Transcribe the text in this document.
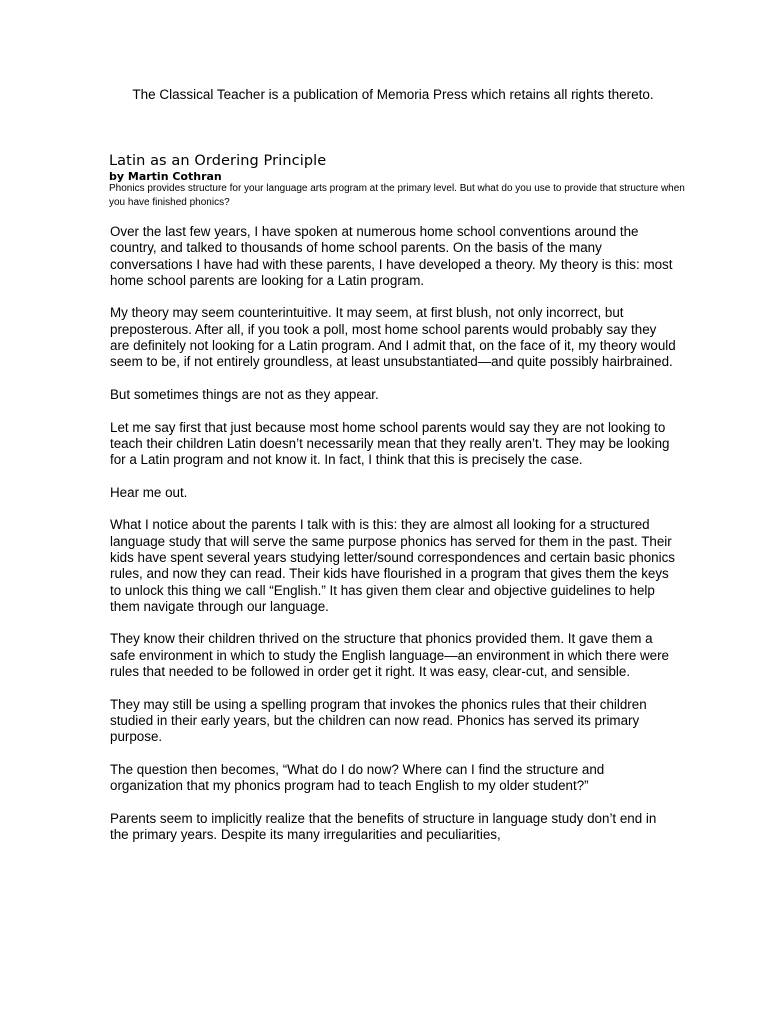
The Classical Teacher is a publication of Memoria Press which retains all rights thereto.
Latin as an Ordering Principle
by Martin Cothran
Phonics provides structure for your language arts program at the primary level. But what do you use to provide that structure when you have finished phonics?

Over the last few years, I have spoken at numerous home school conventions around the country, and talked to thousands of home school parents. On the basis of the many conversations I have had with these parents, I have developed a theory. My theory is this: most home school parents are looking for a Latin program.

My theory may seem counterintuitive. It may seem, at first blush, not only incorrect, but preposterous. After all, if you took a poll, most home school parents would probably say they are definitely not looking for a Latin program. And I admit that, on the face of it, my theory would seem to be, if not entirely groundless, at least unsubstantiated—and quite possibly hairbrained.

But sometimes things are not as they appear.

Let me say first that just because most home school parents would say they are not looking to teach their children Latin doesn’t necessarily mean that they really aren’t. They may be looking for a Latin program and not know it. In fact, I think that this is precisely the case.

Hear me out.

What I notice about the parents I talk with is this: they are almost all looking for a structured language study that will serve the same purpose phonics has served for them in the past. Their kids have spent several years studying letter/sound correspondences and certain basic phonics rules, and now they can read. Their kids have flourished in a program that gives them the keys to unlock this thing we call “English.” It has given them clear and objective guidelines to help them navigate through our language.

They know their children thrived on the structure that phonics provided them. It gave them a safe environment in which to study the English language—an environment in which there were rules that needed to be followed in order get it right. It was easy, clear-cut, and sensible.

They may still be using a spelling program that invokes the phonics rules that their children studied in their early years, but the children can now read. Phonics has served its primary purpose.

The question then becomes, “What do I do now? Where can I find the structure and organization that my phonics program had to teach English to my older student?”

Parents seem to implicitly realize that the benefits of structure in language study don’t end in the primary years. Despite its many irregularities and peculiarities,
